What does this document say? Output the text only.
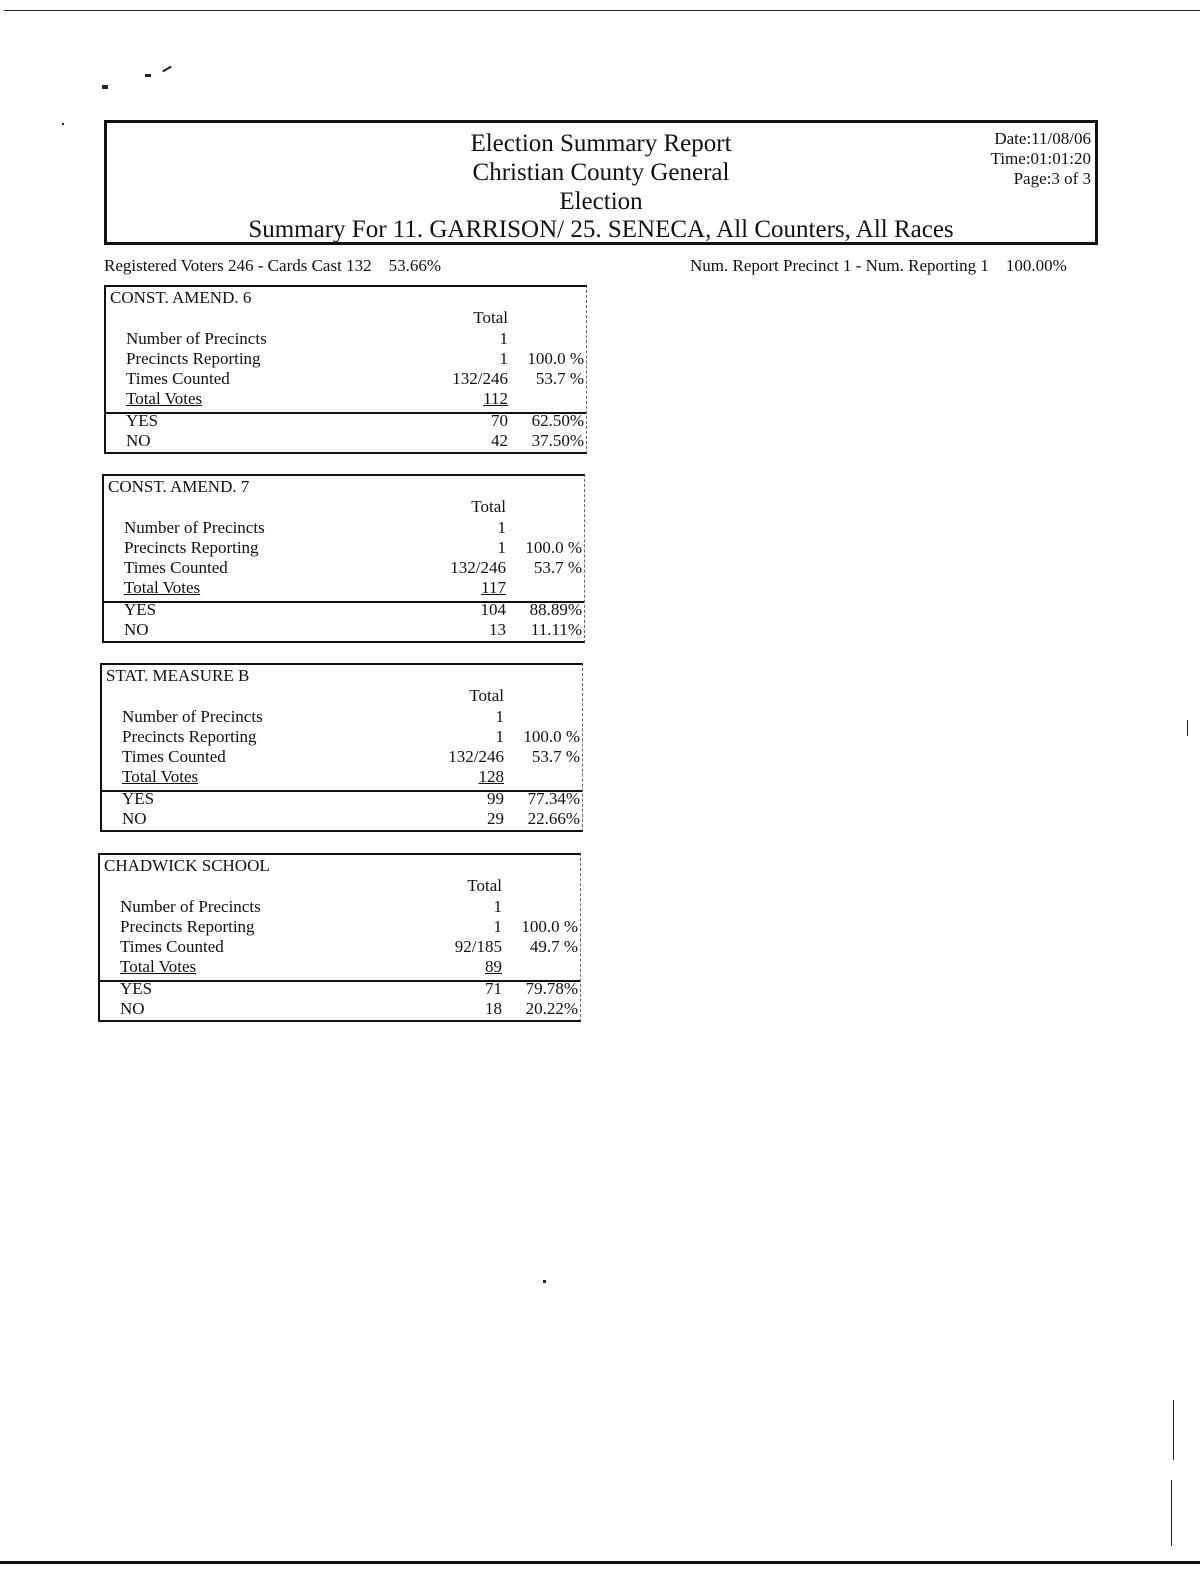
Election Summary Report
Christian County General
Election
Summary For 11. GARRISON/ 25. SENECA, All Counters, All Races
Date:11/08/06
Time:01:01:20
Page:3 of 3
Registered Voters 246 - Cards Cast 132    53.66%	Num. Report Precinct 1 - Num. Reporting 1    100.00%
CONST. AMEND. 6
Total
Number of Precincts	1
Precincts Reporting	1	100.0 %
Times Counted	132/246	53.7 %
Total Votes	112
YES	70	62.50%
NO	42	37.50%
CONST. AMEND. 7
Total
Number of Precincts	1
Precincts Reporting	1	100.0 %
Times Counted	132/246	53.7 %
Total Votes	117
YES	104	88.89%
NO	13	11.11%
STAT. MEASURE B
Total
Number of Precincts	1
Precincts Reporting	1	100.0 %
Times Counted	132/246	53.7 %
Total Votes	128
YES	99	77.34%
NO	29	22.66%
CHADWICK SCHOOL
Total
Number of Precincts	1
Precincts Reporting	1	100.0 %
Times Counted	92/185	49.7 %
Total Votes	89
YES	71	79.78%
NO	18	20.22%
